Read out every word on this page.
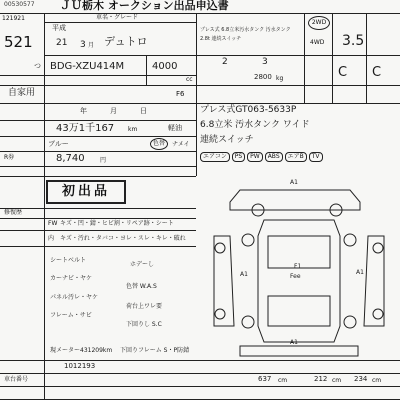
00530577 ＪＵ栃木 オークション出品申込書
121921
521
つ
車名・グレード
平成
21 3 月 デュトロ
プレス式 6.8立米汚水タンク 汚水タンク
2.8t 連続スイッチ
2WD
4WD 3.5
BDG-XZU414M	4000
cc
2	3
2800 kg	C C
自家用	F6
年	月	日
43万1千167 km	軽油
ブルー	色替	ナメイ
R券	8,740	円
プレス式GT063-5633P
6.8立米 汚水タンク ワイド
連続スイッチ
エアコン PS PW ABS エアB TV
初出品
修復歴
FW キズ・凹・錆・ヒビ割・リペア跡・シート
内 キズ・汚れ・タバコ・ヨレ・スレ・キレ・破れ
シートベルト
ホデーし
カーナビ・ヤケ
色替 W.A.S
パネル汚レ・ヤケ
荷台上ワレ要
フレーム・サビ
下回りし S.C
現メーター431209km 下回りフレーム S・P防錆
車台番号
1012193
637 cm	212 cm 234 cm
A1
A1	A1
A1
F1
Fee
